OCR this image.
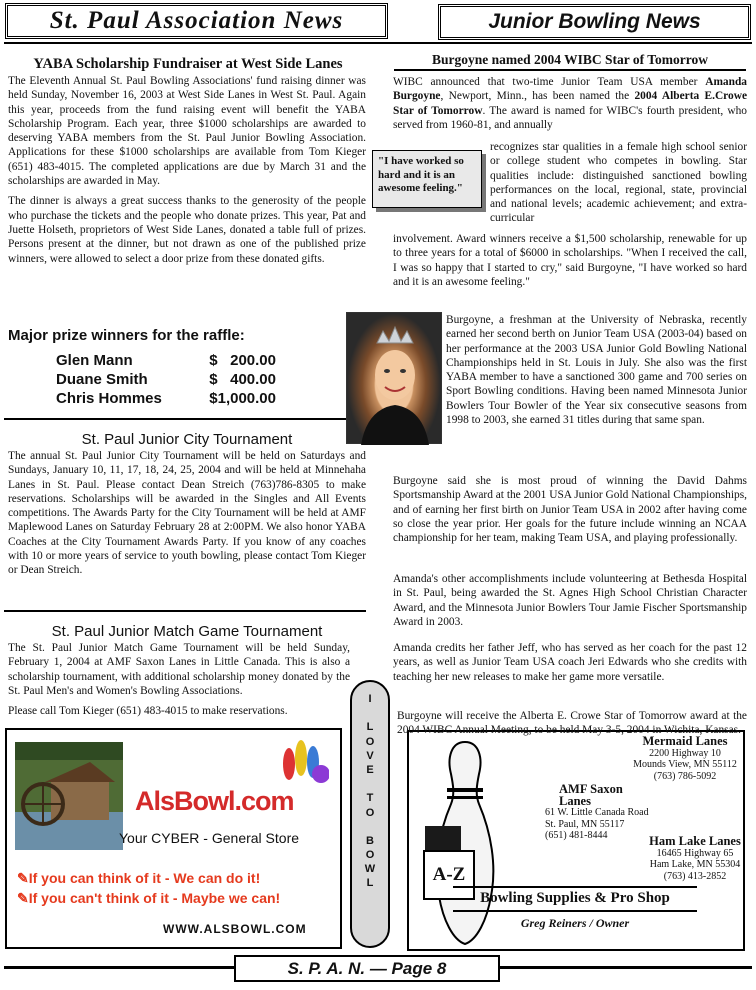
St. Paul Association News	Junior Bowling News
YABA Scholarship Fundraiser at West Side Lanes

The Eleventh Annual St. Paul Bowling Associations' fund raising dinner was held Sunday, November 16, 2003 at West Side Lanes in West St. Paul. Again this year, proceeds from the fund raising event will benefit the YABA Scholarship Program. Each year, three $1000 scholarships are awarded to deserving YABA members from the St. Paul Junior Bowling Association. Applications for these $1000 scholarships are available from Tom Kieger (651) 483-4015. The completed applications are due by March 31 and the scholarships are awarded in May.

The dinner is always a great success thanks to the generosity of the people who purchase the tickets and the people who donate prizes. This year, Pat and Juette Holseth, proprietors of West Side Lanes, donated a table full of prizes. Persons present at the dinner, but not drawn as one of the published prize winners, were allowed to select a door prize from these donated gifts.

Major prize winners for the raffle:
Glen Mann	$   200.00
Duane Smith	$   400.00
Chris Hommes	$1,000.00
St. Paul Junior City Tournament
The annual St. Paul Junior City Tournament will be held on Saturdays and Sundays, January 10, 11, 17, 18, 24, 25, 2004 and will be held at Minnehaha Lanes in St. Paul. Please contact Dean Streich (763)786-8305 to make reservations. Scholarships will be awarded in the Singles and All Events competitions. The Awards Party for the City Tournament will be held at AMF Maplewood Lanes on Saturday February 28 at 2:00PM. We also honor YABA Coaches at the City Tournament Awards Party. If you know of any coaches with 10 or more years of service to youth bowling, please contact Tom Kieger or Dean Streich.
St. Paul Junior Match Game Tournament

The St. Paul Junior Match Game Tournament will be held Sunday, February 1, 2004 at AMF Saxon Lanes in Little Canada. This is also a scholarship tournament, with additional scholarship money donated by the St. Paul Men's and Women's Bowling Associations.

Please call Tom Kieger (651) 483-4015 to make reservations.

I
L
O
V
E
T
O
B
O
W
L
AlsBowl.com
Your CYBER - General Store
✎If you can think of it - We can do it!
✎If you can't think of it - Maybe we can!
WWW.ALSBOWL.COM
A-Z
Mermaid Lanes
2200 Highway 10
Mounds View, MN 55112
(763) 786-5092
AMF Saxon Lanes
61 W. Little Canada Road
St. Paul, MN 55117
(651) 481-8444	Ham Lake Lanes
16465 Highway 65
Ham Lake, MN 55304
(763) 413-2852
Bowling Supplies & Pro Shop
Greg Reiners / Owner
Burgoyne named 2004 WIBC Star of Tomorrow
WIBC announced that two-time Junior Team USA member Amanda Burgoyne, Newport, Minn., has been named the 2004 Alberta E.Crowe Star of Tomorrow. The award is named for WIBC's fourth president, who served from 1960-81, and annually
"I have worked so hard and it is an awesome feeling."
recognizes star qualities in a female high school senior or college student who competes in bowling. Star qualities include: distinguished sanctioned bowling performances on the local, regional, state, provincial and national levels; academic achievement; and extra-curricular
involvement. Award winners receive a $1,500 scholarship, renewable for up to three years for a total of $6000 in scholarships. "When I received the call, I was so happy that I started to cry," said Burgoyne, "I have worked so hard and it is an awesome feeling."
Burgoyne, a freshman at the University of Nebraska, recently earned her second berth on Junior Team USA (2003-04) based on her performance at the 2003 USA Junior Gold Bowling National Championships held in St. Louis in July. She also was the first YABA member to have a sanctioned 300 game and 700 series on Sport Bowling conditions. Having been named Minnesota Junior Bowlers Tour Bowler of the Year six consecutive seasons from 1998 to 2003, she earned 31 titles during that same span.
Burgoyne said she is most proud of winning the David Dahms Sportsmanship Award at the 2001 USA Junior Gold National Championships, and of earning her first birth on Junior Team USA in 2002 after having come so close the year prior. Her goals for the future include winning an NCAA championship for her team, making Team USA, and playing professionally.
Amanda's other accomplishments include volunteering at Bethesda Hospital in St. Paul, being awarded the St. Agnes High School Christian Character Award, and the Minnesota Junior Bowlers Tour Jamie Fischer Sportsmanship Award in 2003.
Amanda credits her father Jeff, who has served as her coach for the past 12 years, as well as Junior Team USA coach Jeri Edwards who she credits with teaching her new releases to make her game more versatile.
Burgoyne will receive the Alberta E. Crowe Star of Tomorrow award at the 2004 WIBC Annual Meeting, to be held May 3-5, 2004 in Wichita, Kansas.
S. P. A. N. — Page 8
